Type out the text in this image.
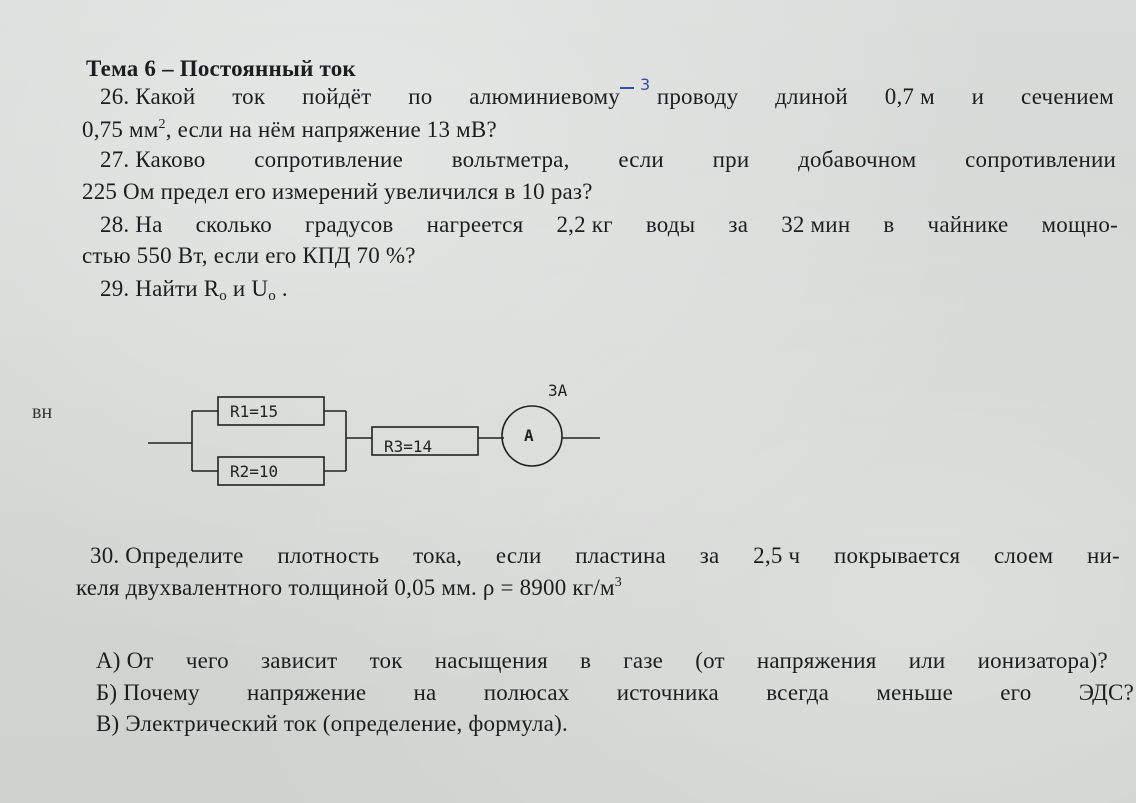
Тема 6 – Постоянный ток
3
26. Какой ток пойдёт по алюминиевому проводу длиной 0,7 м и сечением
0,75 $мм^2$, если на нём напряжение 13 мВ?
27. Каково сопротивление вольтметра, если при добавочном сопротивлении
225 Ом предел его измерений увеличился в 10 раз?
28. На сколько градусов нагреется 2,2 кг воды за 32 мин в чайнике мощно-
стью 550 Вт, если его КПД 70 %?
29. Найти $R_о$ и $U_о$ .
вн	R1=15
R2=10
R3=14
A
3A
30. Определите плотность тока, если пластина за 2,5 ч покрывается слоем ни-
келя двухвалентного толщиной 0,05 мм. ρ = 8900 $кг/м^3$
А) От чего зависит ток насыщения в газе (от напряжения или ионизатора)?
Б) Почему напряжение на полюсах источника всегда меньше его ЭДС?
В) Электрический ток (определение, формула).
